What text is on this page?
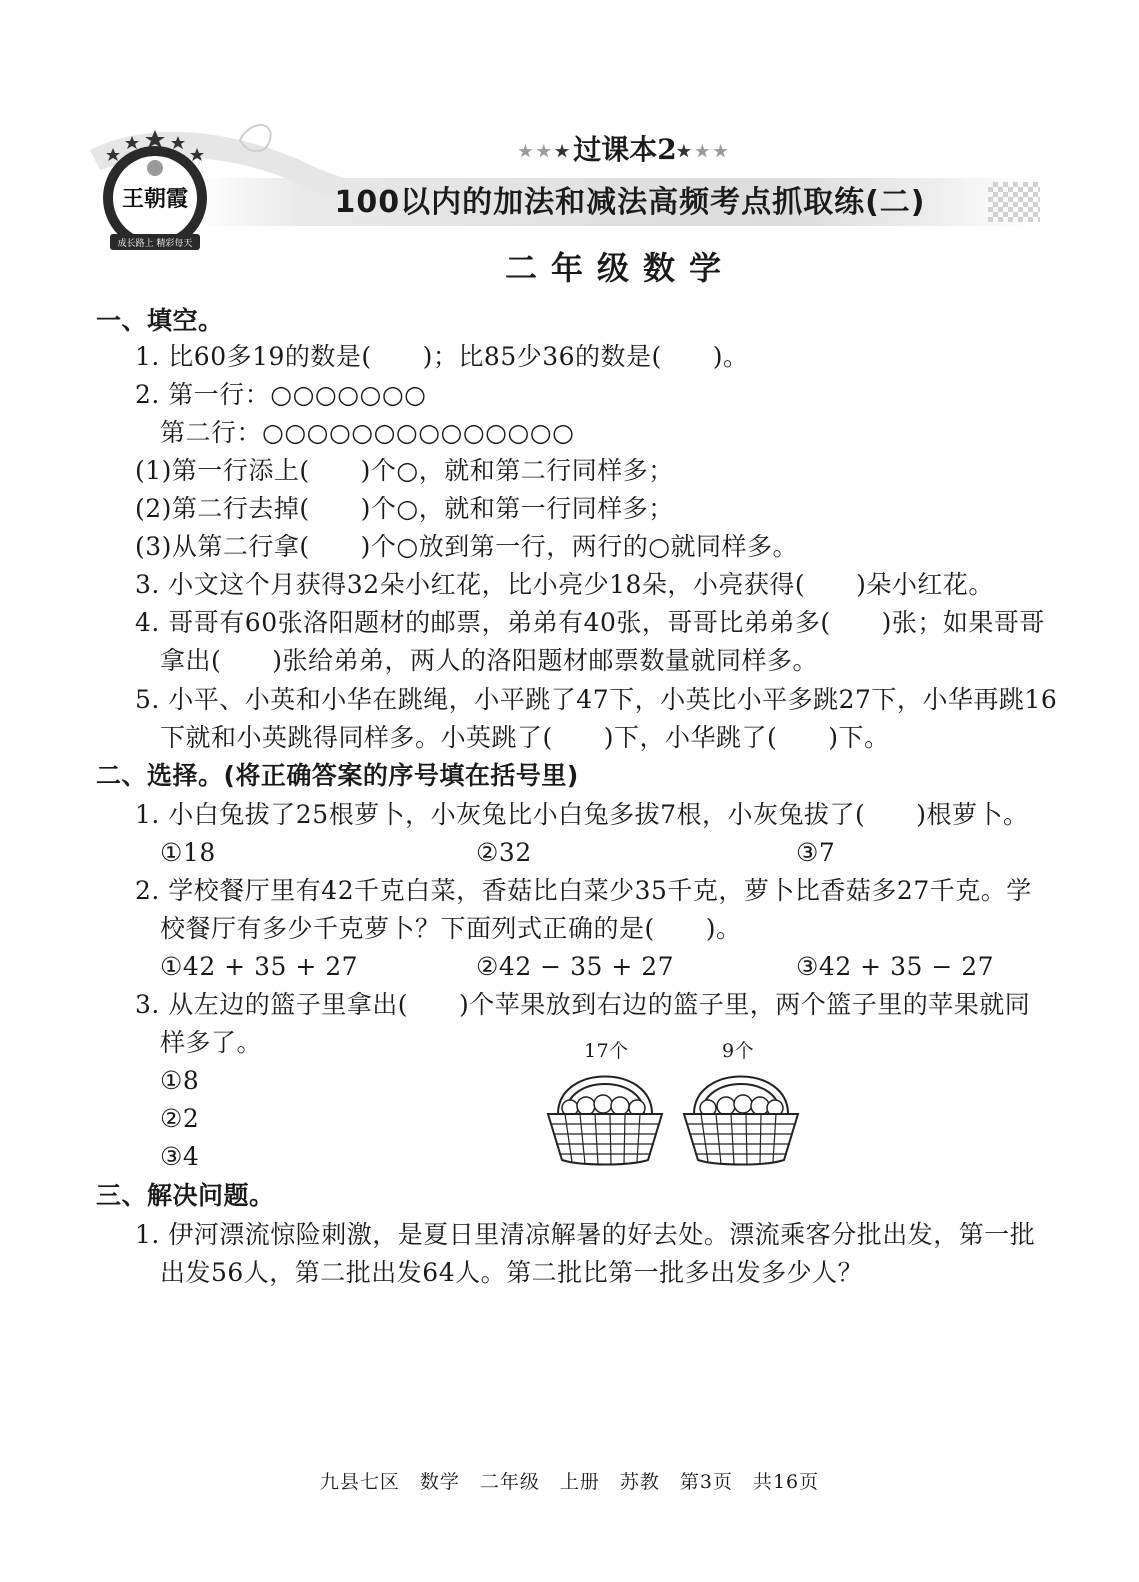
王朝霞
成长路上 精彩每天
★★★过课本2★★★
100以内的加法和减法高频考点抓取练(二)
二年级数学
一、填空。
1. 比60多19的数是(　　)；比85少36的数是(　　)。
2. 第一行：○○○○○○○
第二行：○○○○○○○○○○○○○○
(1)第一行添上(　　)个○，就和第二行同样多；
(2)第二行去掉(　　)个○，就和第一行同样多；
(3)从第二行拿(　　)个○放到第一行，两行的○就同样多。
3. 小文这个月获得32朵小红花，比小亮少18朵，小亮获得(　　)朵小红花。
4. 哥哥有60张洛阳题材的邮票，弟弟有40张，哥哥比弟弟多(　　)张；如果哥哥
拿出(　　)张给弟弟，两人的洛阳题材邮票数量就同样多。
5. 小平、小英和小华在跳绳，小平跳了47下，小英比小平多跳27下，小华再跳16
下就和小英跳得同样多。小英跳了(　　)下，小华跳了(　　)下。
二、选择。(将正确答案的序号填在括号里)
1. 小白兔拔了25根萝卜，小灰兔比小白兔多拔7根，小灰兔拔了(　　)根萝卜。
①18	②32	③7
2. 学校餐厅里有42千克白菜，香菇比白菜少35千克，萝卜比香菇多27千克。学
校餐厅有多少千克萝卜？下面列式正确的是(　　)。
①42 + 35 + 27	②42 − 35 + 27	③42 + 35 − 27
3. 从左边的篮子里拿出(　　)个苹果放到右边的篮子里，两个篮子里的苹果就同
样多了。
①8
②2
③4
17个	9个
三、解决问题。
1. 伊河漂流惊险刺激，是夏日里清凉解暑的好去处。漂流乘客分批出发，第一批
出发56人，第二批出发64人。第二批比第一批多出发多少人？
九县七区　数学　二年级　上册　苏教　第3页　共16页
